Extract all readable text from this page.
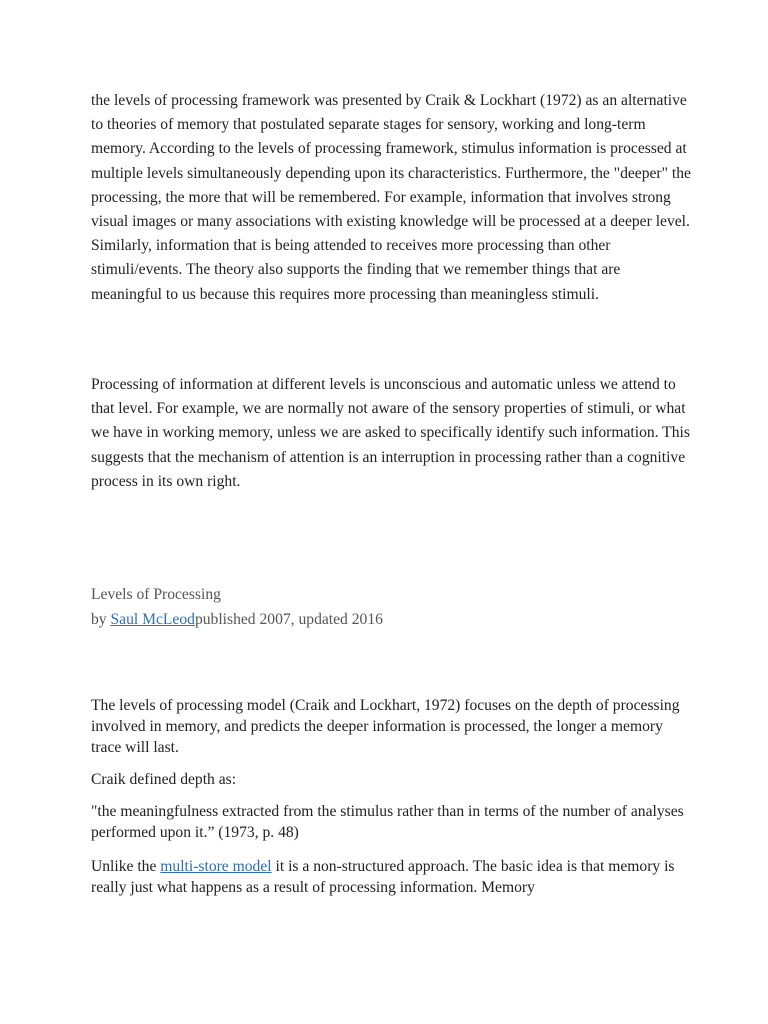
the levels of processing framework was presented by Craik & Lockhart (1972) as an alternative to theories of memory that postulated separate stages for sensory, working and long-term memory. According to the levels of processing framework, stimulus information is processed at multiple levels simultaneously depending upon its characteristics. Furthermore, the "deeper" the processing, the more that will be remembered. For example, information that involves strong visual images or many associations with existing knowledge will be processed at a deeper level. Similarly, information that is being attended to receives more processing than other stimuli/events. The theory also supports the finding that we remember things that are meaningful to us because this requires more processing than meaningless stimuli.

Processing of information at different levels is unconscious and automatic unless we attend to that level. For example, we are normally not aware of the sensory properties of stimuli, or what we have in working memory, unless we are asked to specifically identify such information. This suggests that the mechanism of attention is an interruption in processing rather than a cognitive process in its own right.

Levels of Processing

by Saul McLeodpublished 2007, updated 2016

The levels of processing model (Craik and Lockhart, 1972) focuses on the depth of processing involved in memory, and predicts the deeper information is processed, the longer a memory trace will last.

Craik defined depth as:

"the meaningfulness extracted from the stimulus rather than in terms of the number of analyses performed upon it.” (1973, p. 48)

Unlike the multi-store model it is a non-structured approach. The basic idea is that memory is really just what happens as a result of processing information. Memory
